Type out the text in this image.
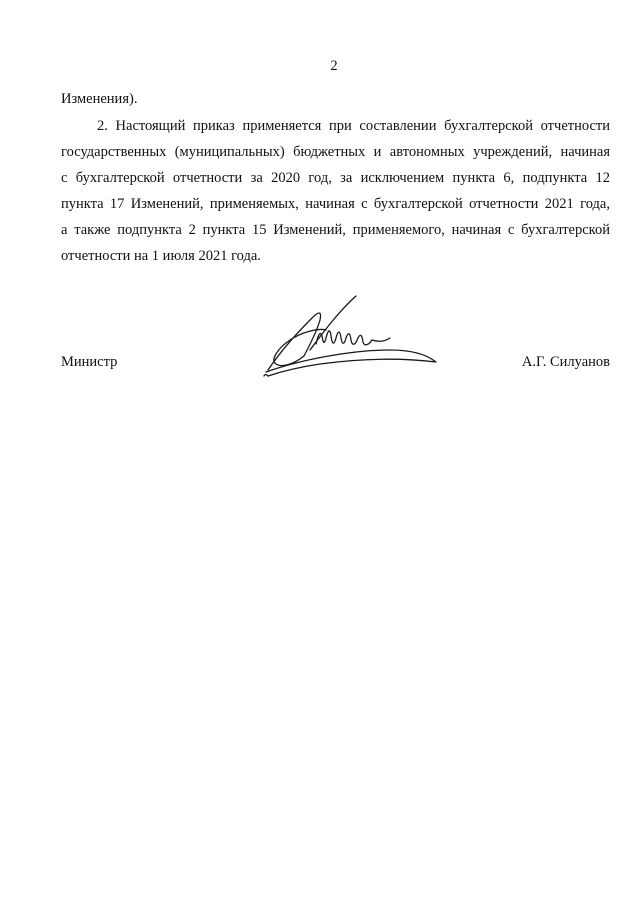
2
Изменения).
2. Настоящий приказ применяется при составлении бухгалтерской отчетности
государственных (муниципальных) бюджетных и автономных учреждений, начиная
с бухгалтерской отчетности за 2020 год, за исключением пункта 6, подпункта 12
пункта 17 Изменений, применяемых, начиная с бухгалтерской отчетности 2021 года,
а также подпункта 2 пункта 15 Изменений, применяемого, начиная с бухгалтерской
отчетности на 1 июля 2021 года.
Министр	А.Г. Силуанов
